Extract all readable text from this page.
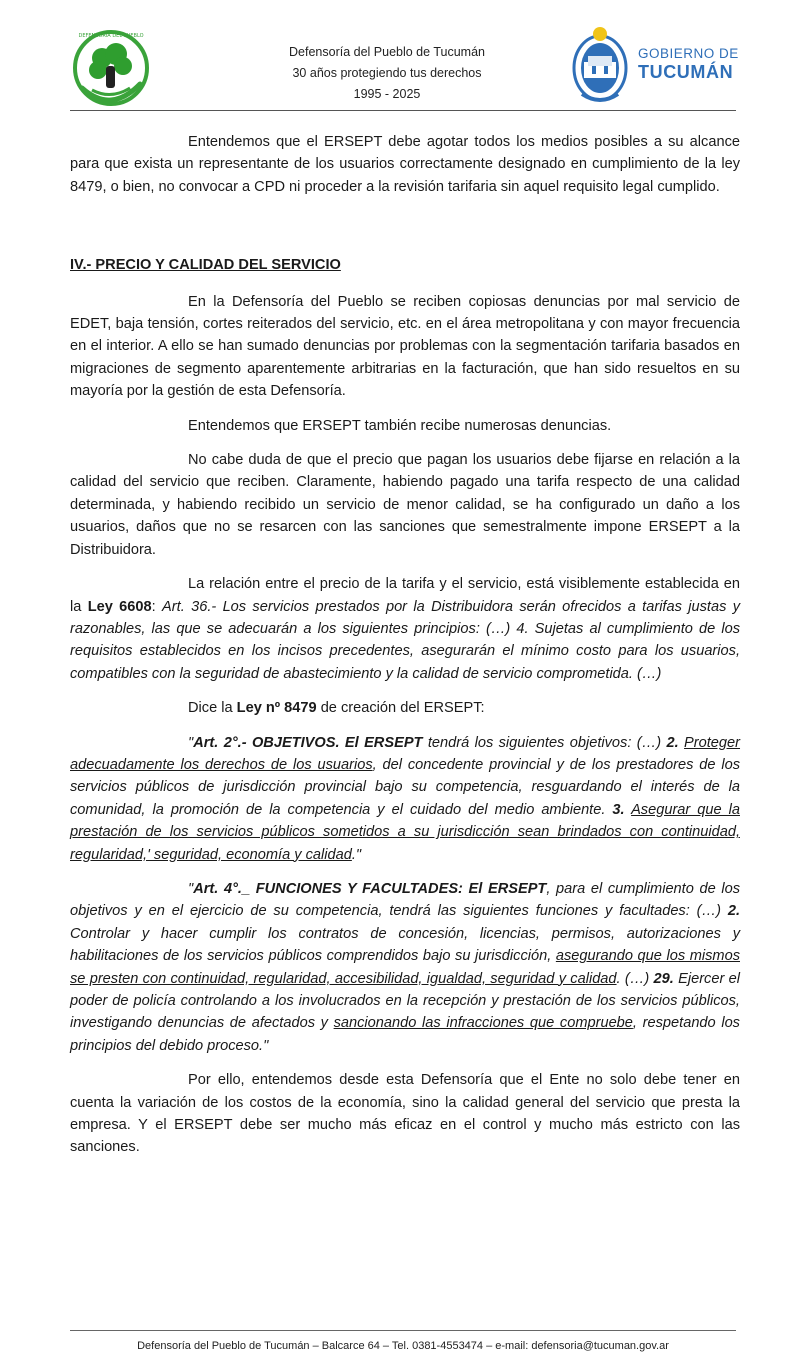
DEFENSORÍA DEL PUEBLO
Defensoría del Pueblo de Tucumán
30 años protegiendo tus derechos
1995 - 2025
GOBIERNO DE
TUCUMÁN

Entendemos que el ERSEPT debe agotar todos los medios posibles a su alcance para que exista un representante de los usuarios correctamente designado en cumplimiento de la ley 8479, o bien, no convocar a CPD ni proceder a la revisión tarifaria sin aquel requisito legal cumplido.

IV.- PRECIO Y CALIDAD DEL SERVICIO

En la Defensoría del Pueblo se reciben copiosas denuncias por mal servicio de EDET, baja tensión, cortes reiterados del servicio, etc. en el área metropolitana y con mayor frecuencia en el interior. A ello se han sumado denuncias por problemas con la segmentación tarifaria basados en migraciones de segmento aparentemente arbitrarias en la facturación, que han sido resueltos en su mayoría por la gestión de esta Defensoría.

Entendemos que ERSEPT también recibe numerosas denuncias.

No cabe duda de que el precio que pagan los usuarios debe fijarse en relación a la calidad del servicio que reciben. Claramente, habiendo pagado una tarifa respecto de una calidad determinada, y habiendo recibido un servicio de menor calidad, se ha configurado un daño a los usuarios, daños que no se resarcen con las sanciones que semestralmente impone ERSEPT a la Distribuidora.

La relación entre el precio de la tarifa y el servicio, está visiblemente establecida en la Ley 6608: Art. 36.- Los servicios prestados por la Distribuidora serán ofrecidos a tarifas justas y razonables, las que se adecuarán a los siguientes principios: (…) 4. Sujetas al cumplimiento de los requisitos establecidos en los incisos precedentes, asegurarán el mínimo costo para los usuarios, compatibles con la seguridad de abastecimiento y la calidad de servicio comprometida. (…)

Dice la Ley nº 8479 de creación del ERSEPT:

"Art. 2°.- OBJETIVOS. El ERSEPT tendrá los siguientes objetivos: (…) 2. Proteger adecuadamente los derechos de los usuarios, del concedente provincial y de los prestadores de los servicios públicos de jurisdicción provincial bajo su competencia, resguardando el interés de la comunidad, la promoción de la competencia y el cuidado del medio ambiente. 3. Asegurar que la prestación de los servicios públicos sometidos a su jurisdicción sean brindados con continuidad, regularidad,' seguridad, economía y calidad."

"Art. 4°._ FUNCIONES Y FACULTADES: El ERSEPT, para el cumplimiento de los objetivos y en el ejercicio de su competencia, tendrá las siguientes funciones y facultades: (…) 2. Controlar y hacer cumplir los contratos de concesión, licencias, permisos, autorizaciones y habilitaciones de los servicios públicos comprendidos bajo su jurisdicción, asegurando que los mismos se presten con continuidad, regularidad, accesibilidad, igualdad, seguridad y calidad. (…) 29. Ejercer el poder de policía controlando a los involucrados en la recepción y prestación de los servicios públicos, investigando denuncias de afectados y sancionando las infracciones que compruebe, respetando los principios del debido proceso."

Por ello, entendemos desde esta Defensoría que el Ente no solo debe tener en cuenta la variación de los costos de la economía, sino la calidad general del servicio que presta la empresa. Y el ERSEPT debe ser mucho más eficaz en el control y mucho más estricto con las sanciones.

Defensoría del Pueblo de Tucumán – Balcarce 64 – Tel. 0381-4553474 – e-mail: defensoria@tucuman.gov.ar
